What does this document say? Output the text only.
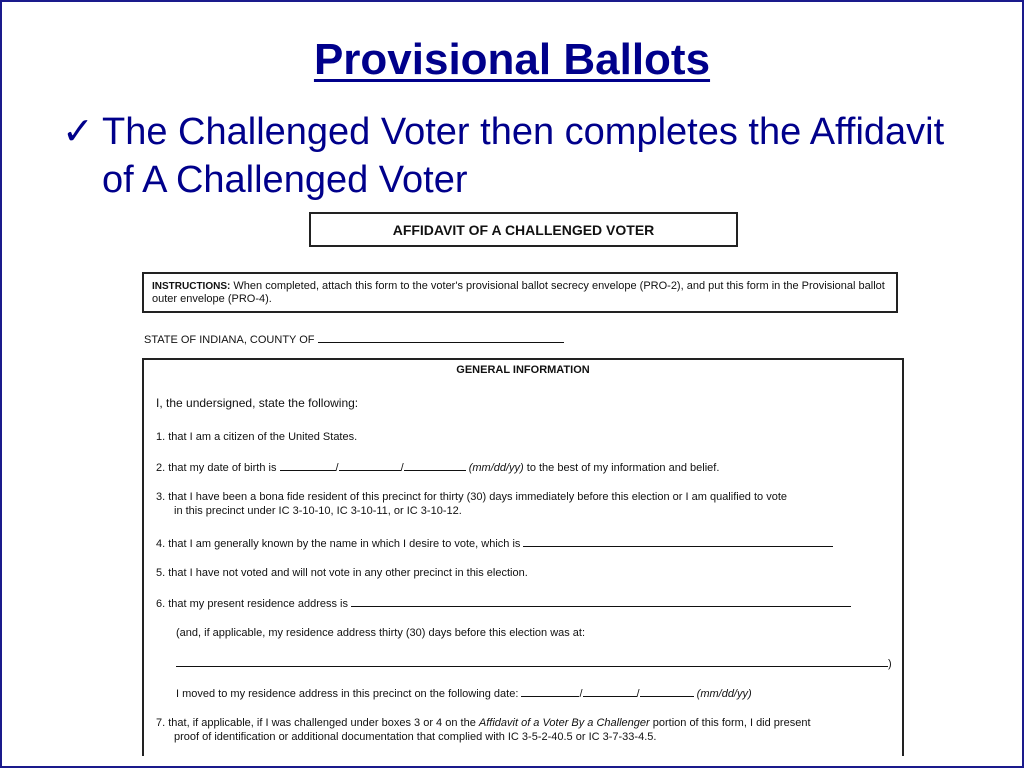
Provisional Ballots
✓ The Challenged Voter then completes the Affidavit of A Challenged Voter
AFFIDAVIT OF A CHALLENGED VOTER
INSTRUCTIONS: When completed, attach this form to the voter's provisional ballot secrecy envelope (PRO-2), and put this form in the Provisional ballot outer envelope (PRO-4).
STATE OF INDIANA, COUNTY OF
GENERAL INFORMATION
I, the undersigned, state the following:
1. that I am a citizen of the United States.
2. that my date of birth is	/	/	(mm/dd/yy) to the best of my information and belief.
3. that I have been a bona fide resident of this precinct for thirty (30) days immediately before this election or I am qualified to vote
in this precinct under IC 3-10-10, IC 3-10-11, or IC 3-10-12.
4. that I am generally known by the name in which I desire to vote, which is
5. that I have not voted and will not vote in any other precinct in this election.
6. that my present residence address is
(and, if applicable, my residence address thirty (30) days before this election was at:
)
I moved to my residence address in this precinct on the following date:	/	/	(mm/dd/yy)
7. that, if applicable, if I was challenged under boxes 3 or 4 on the Affidavit of a Voter By a Challenger portion of this form, I did present
proof of identification or additional documentation that complied with IC 3-5-2-40.5 or IC 3-7-33-4.5.
